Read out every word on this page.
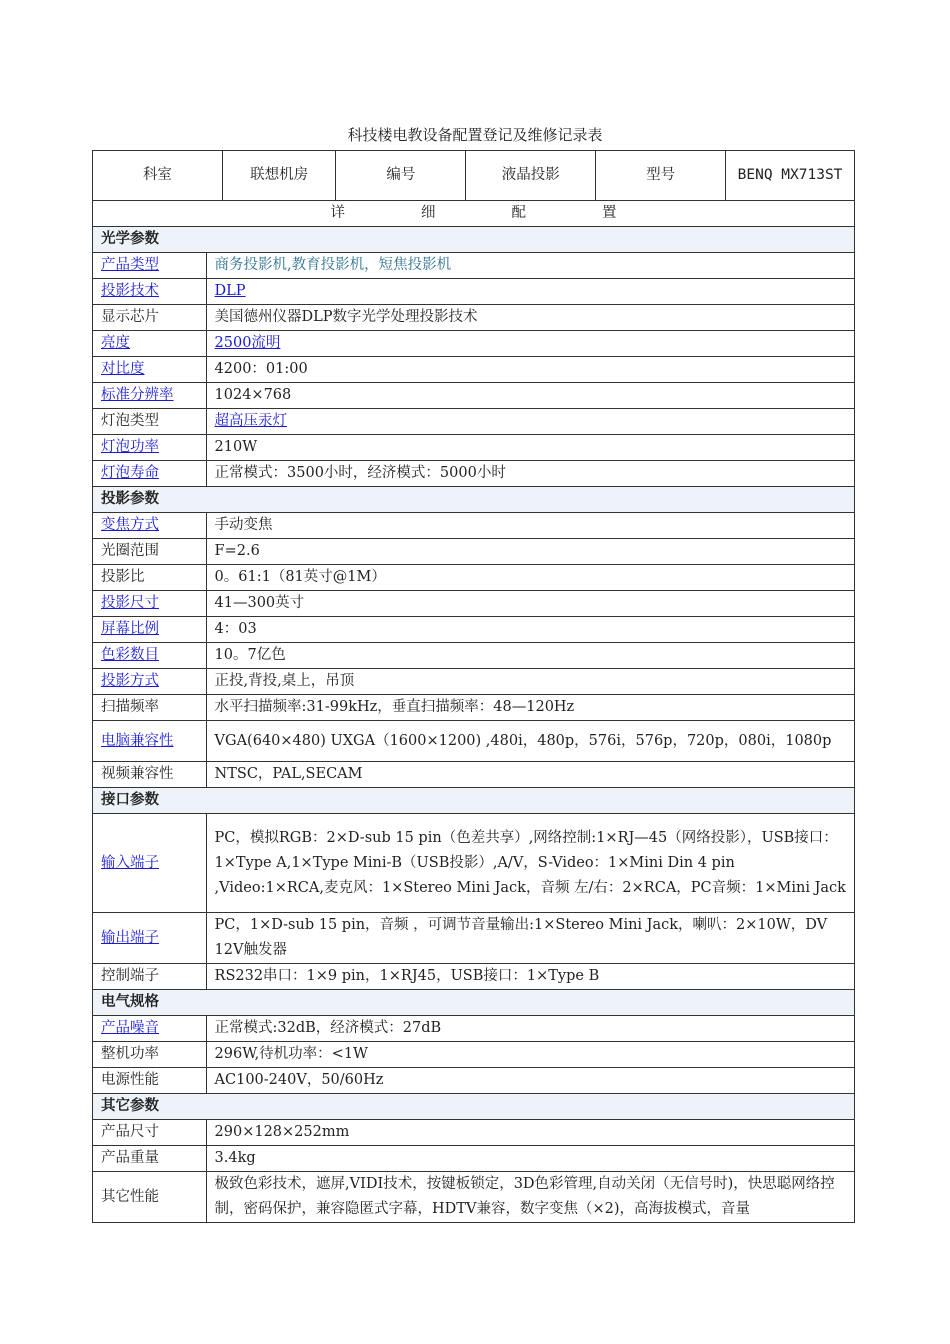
科技楼电教设备配置登记及维修记录表
科室		联想机房	编号	液晶投影	型号	BENQ MX713ST
详 细 配 置						
光学参数						
产品类型	商务投影机,教育投影机，短焦投影机					
投影技术	DLP					
显示芯片	美国德州仪器DLP数字光学处理投影技术					
亮度	2500流明					
对比度	4200：01:00					
标准分辨率	1024×768					
灯泡类型	超高压汞灯					
灯泡功率	210W					
灯泡寿命	正常模式：3500小时，经济模式：5000小时					
投影参数						
变焦方式	手动变焦					
光圈范围	F=2.6					
投影比	0。61:1（81英寸@1M）					
投影尺寸	41—300英寸					
屏幕比例	4：03					
色彩数目	10。7亿色					
投影方式	正投,背投,桌上，吊顶					
扫描频率	水平扫描频率:31-99kHz，垂直扫描频率：48—120Hz					
电脑兼容性	VGA(640×480) UXGA（1600×1200) ,480i，480p，576i，576p，720p，080i，1080p					
视频兼容性	NTSC，PAL,SECAM					
接口参数						
输入端子	PC，模拟RGB：2×D-sub 15 pin（色差共享）,网络控制:1×RJ—45（网络投影），USB接口：1×Type A,1×Type Mini-B（USB投影）,A/V，S-Video：1×Mini Din 4 pin ,Video:1×RCA,麦克风：1×Stereo Mini Jack，音频 左/右：2×RCA，PC音频：1×Mini Jack					
输出端子	PC，1×D-sub 15 pin，音频 ，可调节音量输出:1×Stereo Mini Jack，喇叭：2×10W，DV 12V触发器					
控制端子	RS232串口：1×9 pin，1×RJ45，USB接口：1×Type B					
电气规格						
产品噪音	正常模式:32dB，经济模式：27dB					
整机功率	296W,待机功率：<1W					
电源性能	AC100-240V，50/60Hz					
其它参数						
产品尺寸	290×128×252mm					
产品重量	3.4kg					
其它性能	极致色彩技术，遮屏,VIDI技术，按键板锁定，3D色彩管理,自动关闭（无信号时)，快思聪网络控制，密码保护，兼容隐匿式字幕，HDTV兼容，数字变焦（×2)，高海拔模式，音量					
